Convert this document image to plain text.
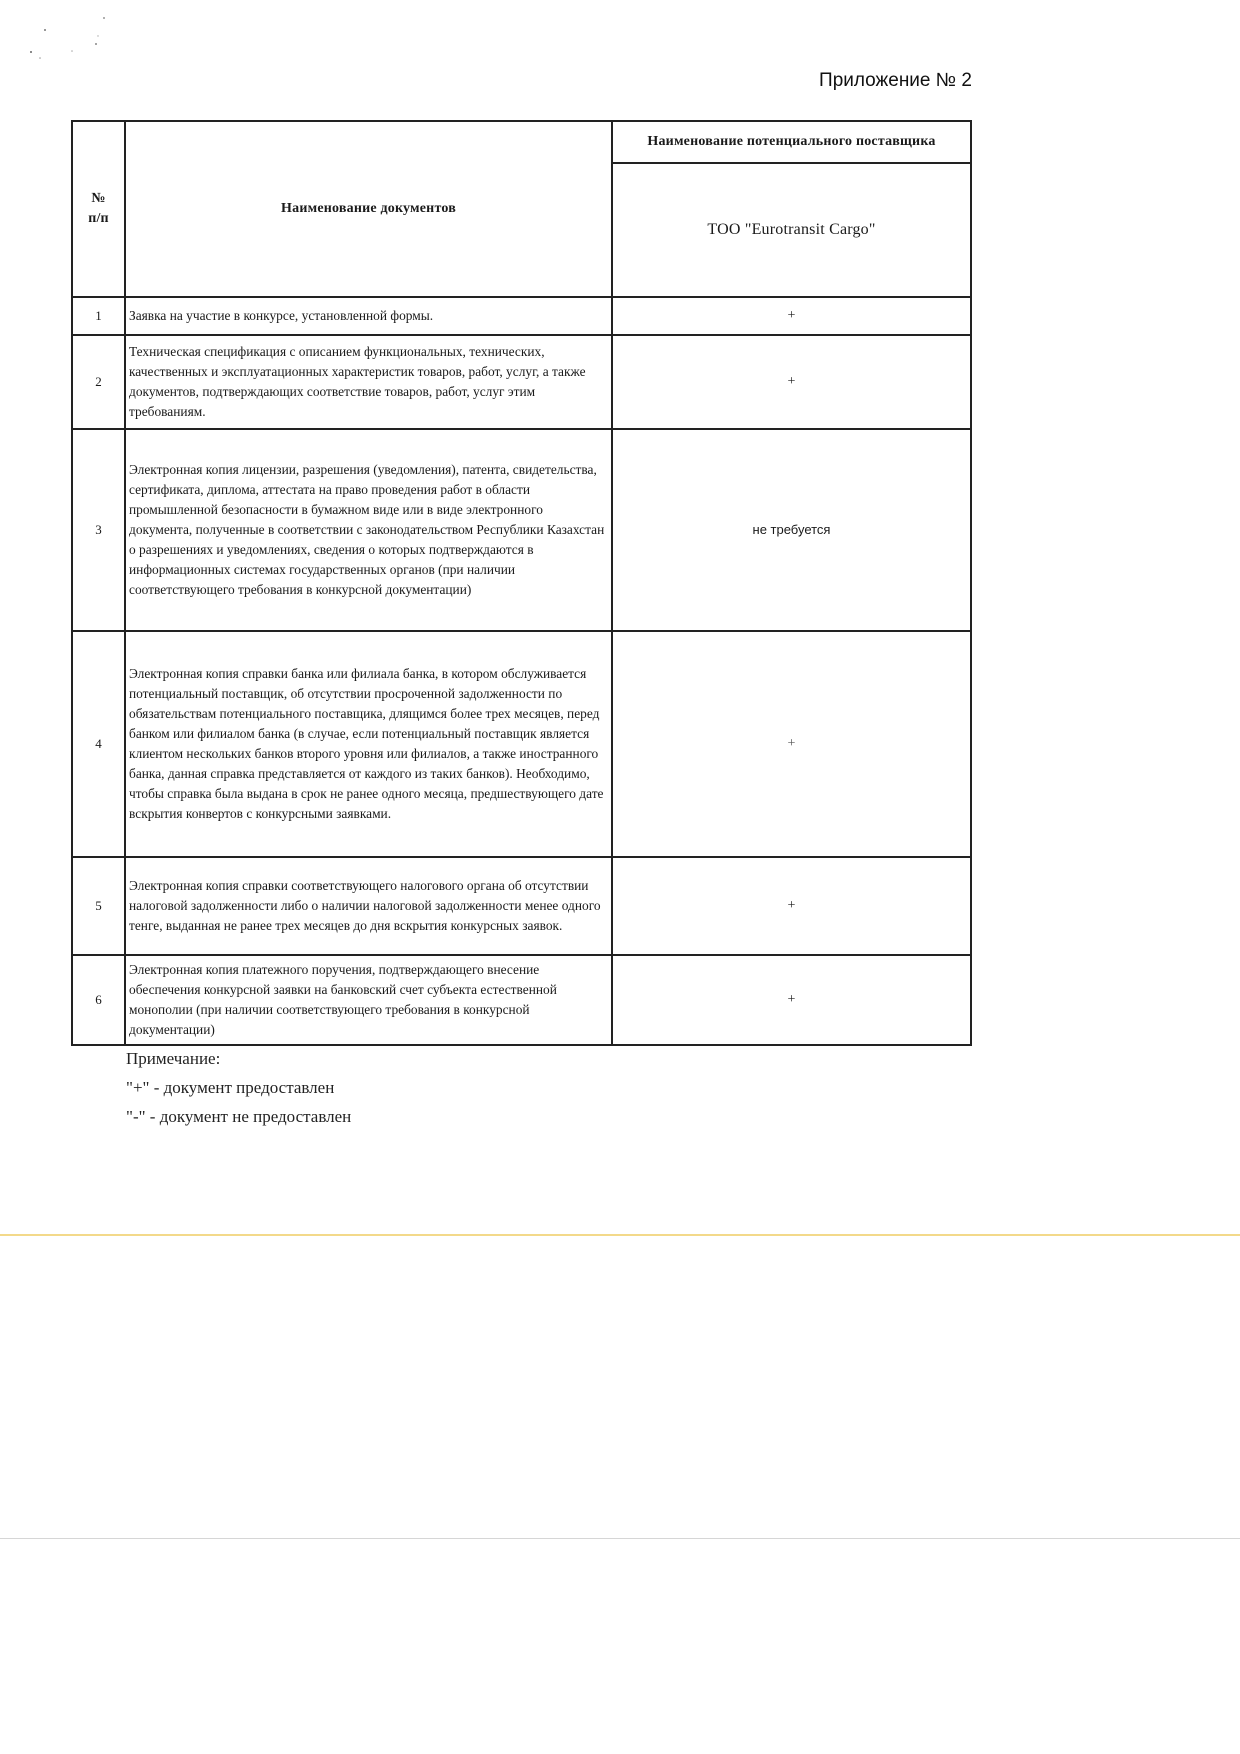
Приложение № 2
№ п/п	Наименование документов	Наименование потенциального поставщика
		ТОО "Eurotransit Cargo"
1	Заявка на участие в конкурсе, установленной формы.	+
2	Техническая спецификация с описанием функциональных, технических, качественных и эксплуатационных характеристик товаров, работ, услуг, а также документов, подтверждающих соответствие товаров, работ, услуг этим требованиям.	+
3	Электронная копия лицензии, разрешения (уведомления), патента, свидетельства, сертификата, диплома, аттестата на право проведения работ в области промышленной безопасности в бумажном виде или в виде электронного документа, полученные в соответствии с законодательством Республики Казахстан о разрешениях и уведомлениях, сведения о которых подтверждаются в информационных системах государственных органов (при наличии соответствующего требования в конкурсной документации)	не требуется
4	Электронная копия справки банка или филиала банка, в котором обслуживается потенциальный поставщик, об отсутствии просроченной задолженности по обязательствам потенциального поставщика, длящимся более трех месяцев, перед банком или филиалом банка (в случае, если потенциальный поставщик является клиентом нескольких банков второго уровня или филиалов, а также иностранного банка, данная справка представляется от каждого из таких банков). Необходимо, чтобы справка была выдана в срок не ранее одного месяца, предшествующего дате вскрытия конвертов с конкурсными заявками.	+
5	Электронная копия справки соответствующего налогового органа об отсутствии налоговой задолженности либо о наличии налоговой задолженности менее одного тенге, выданная не ранее трех месяцев до дня вскрытия конкурсных заявок.	+
6	Электронная копия платежного поручения, подтверждающего внесение обеспечения конкурсной заявки на банковский счет субъекта естественной монополии (при наличии соответствующего требования в конкурсной документации)	+
Примечание:
"+" - документ предоставлен
"-" - документ не предоставлен
